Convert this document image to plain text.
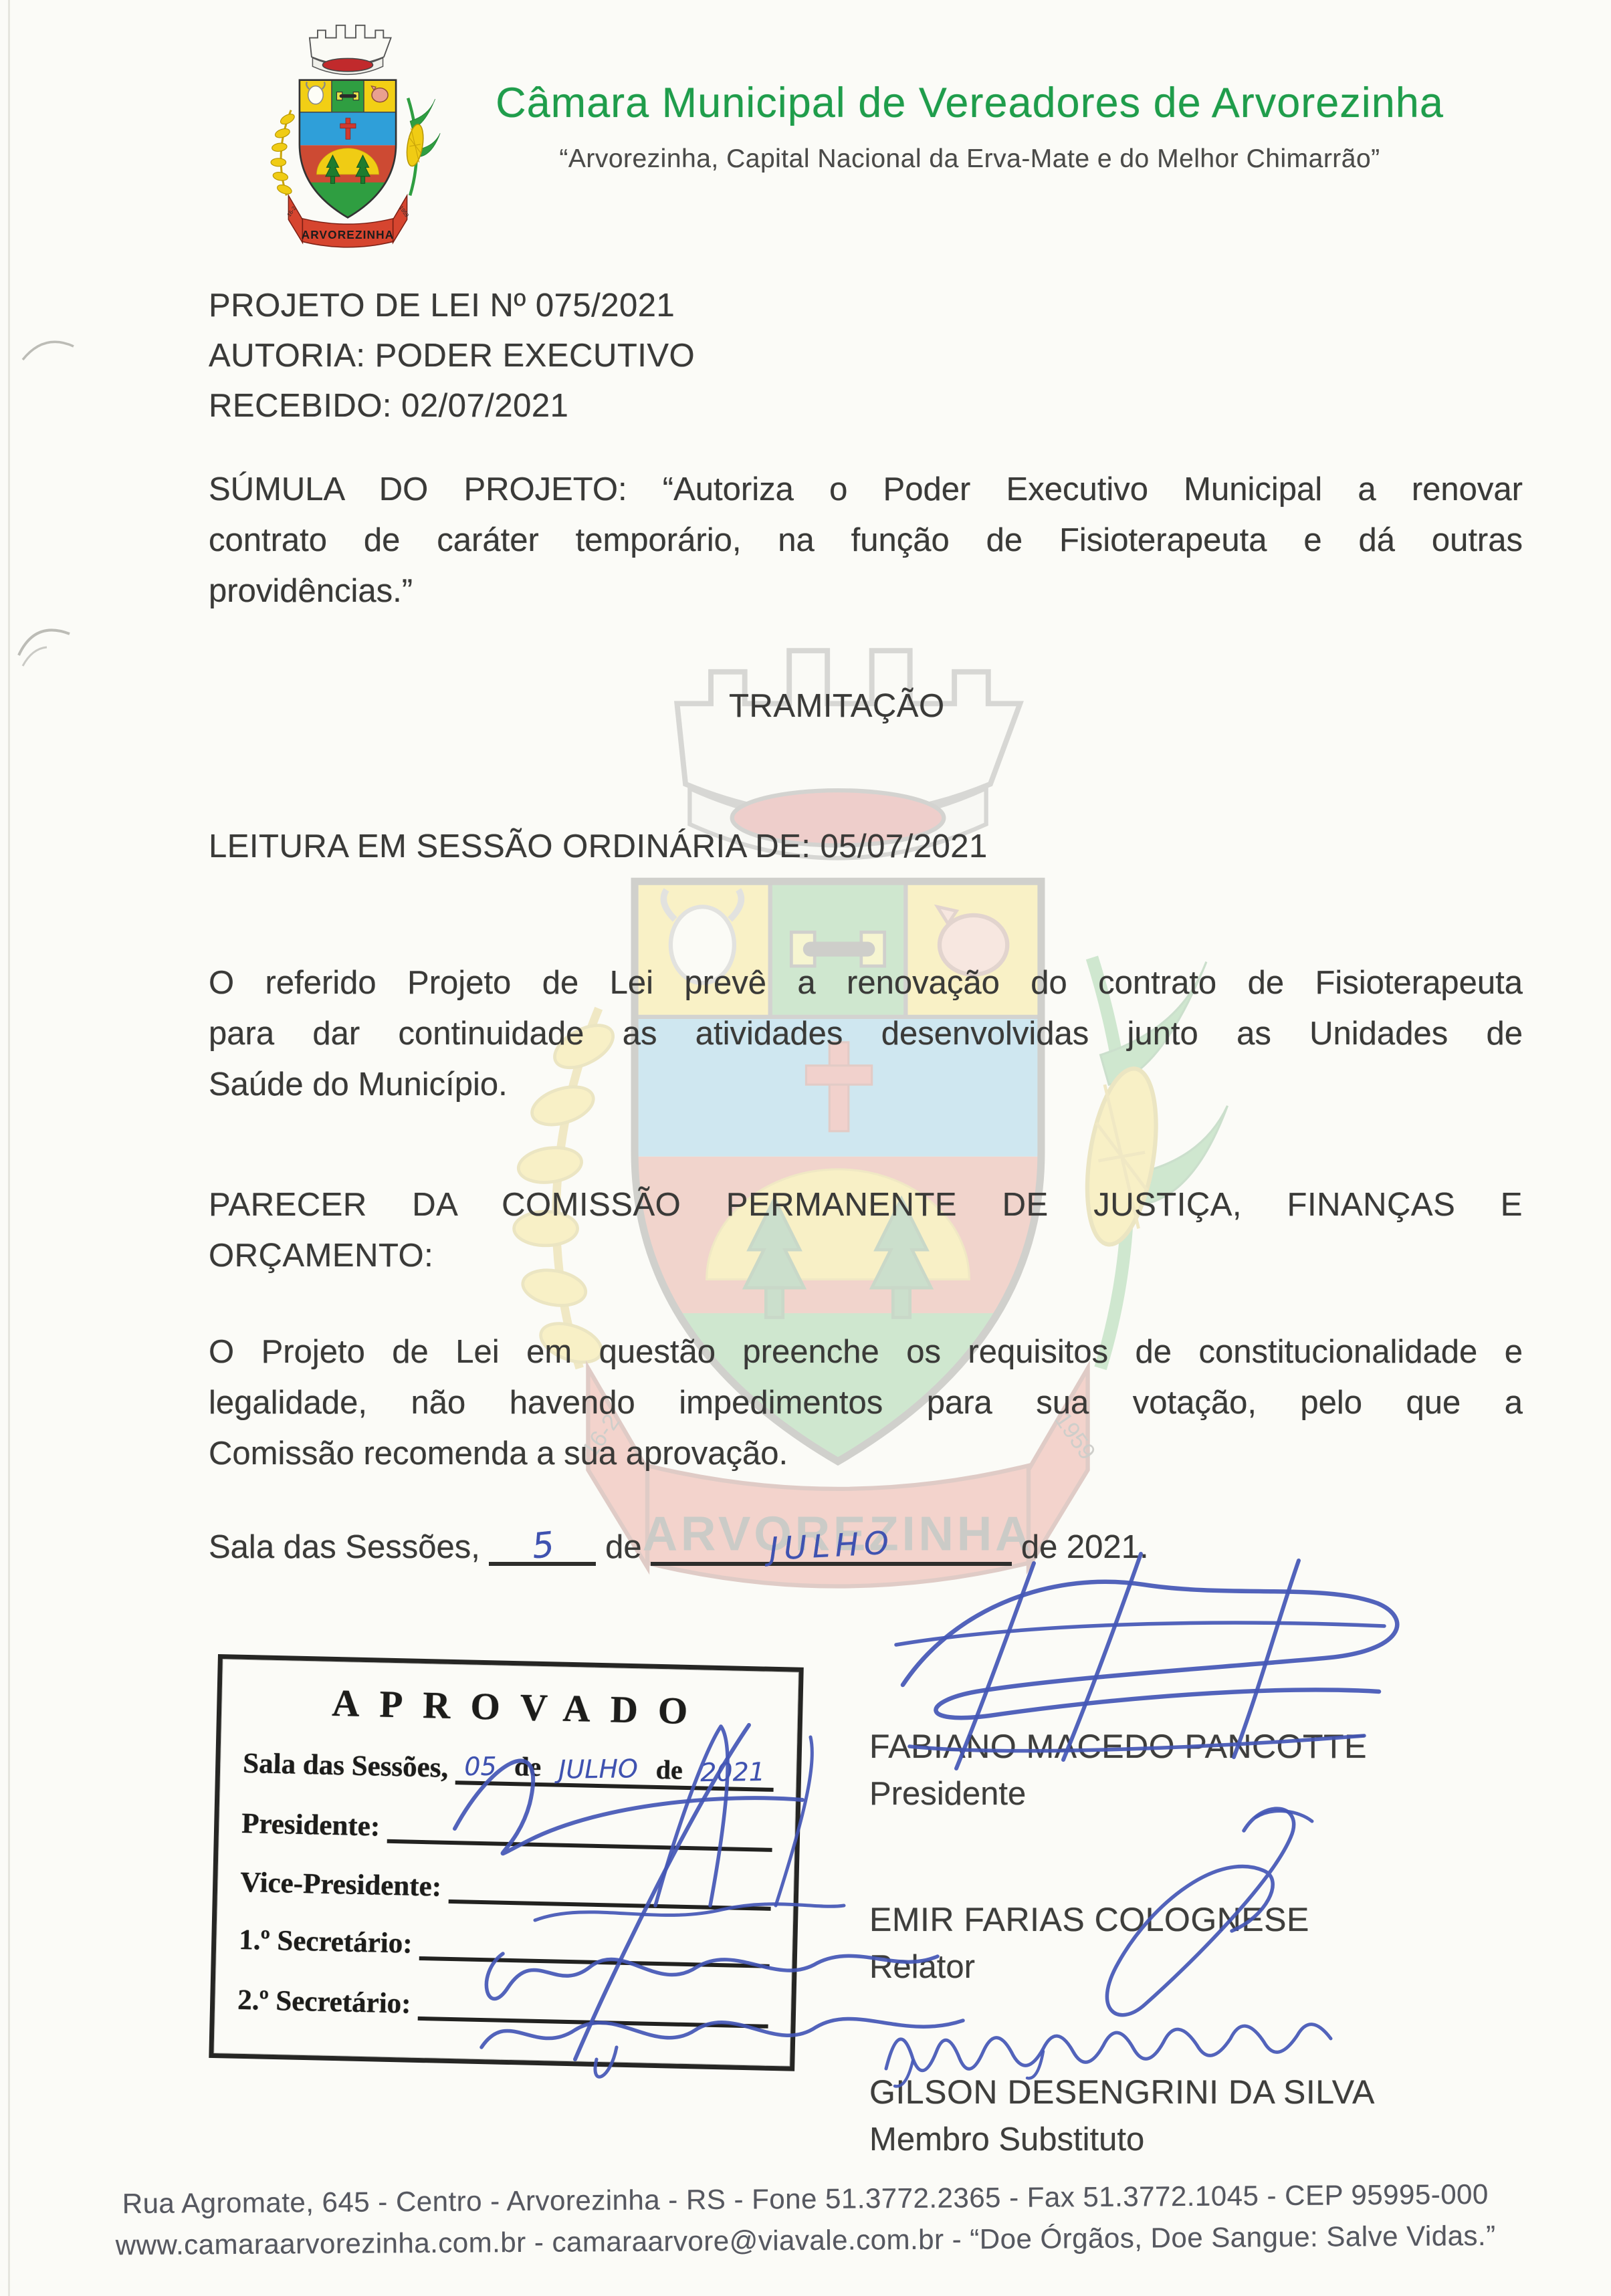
Câmara Municipal de Vereadores de Arvorezinha
“Arvorezinha, Capital Nacional da Erva-Mate e do Melhor Chimarrão”
PROJETO DE LEI Nº 075/2021
AUTORIA: PODER EXECUTIVO
RECEBIDO: 02/07/2021
SÚMULA DO PROJETO: “Autoriza o Poder Executivo Municipal a renovar
contrato de caráter temporário, na função de Fisioterapeuta e dá outras
providências.”
TRAMITAÇÃO
LEITURA EM SESSÃO ORDINÁRIA DE: 05/07/2021
O referido Projeto de Lei prevê a renovação do contrato de Fisioterapeuta
para dar continuidade as atividades desenvolvidas junto as Unidades de
Saúde do Município.
PARECER DA COMISSÃO PERMANENTE DE JUSTIÇA, FINANÇAS E
ORÇAMENTO:
O Projeto de Lei em questão preenche os requisitos de constitucionalidade e
legalidade, não havendo impedimentos para sua votação, pelo que a
Comissão recomenda a sua aprovação.
Sala das Sessões, 5 de	JULHO	de 2021.
APROVADO
Sala das Sessões, 05 de JULHO de 2021
Presidente:
Vice-Presidente:
1.º Secretário:
2.º Secretário:
FABIANO MACEDO PANCOTTE
Presidente
EMIR FARIAS COLOGNESE
Relator
GILSON DESENGRINI DA SILVA
Membro Substituto
Rua Agromate, 645 - Centro - Arvorezinha - RS - Fone 51.3772.2365 - Fax 51.3772.1045 - CEP 95995-000
www.camaraarvorezinha.com.br - camaraarvore@viavale.com.br - “Doe Órgãos, Doe Sangue: Salve Vidas.”
